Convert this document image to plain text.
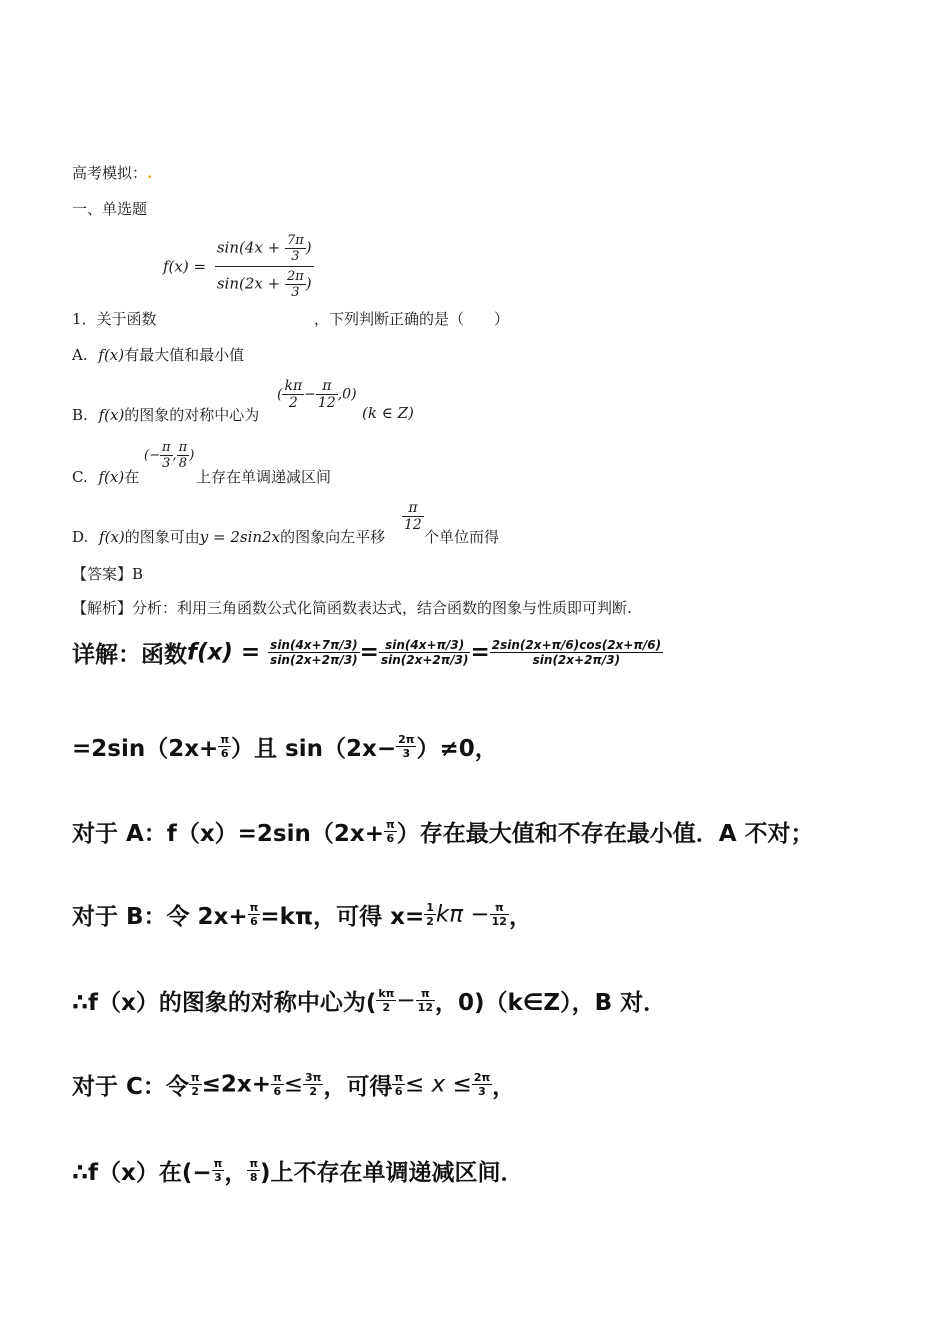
高考模拟：.
一、单选题
$f(x) = \frac{\sin(4x + \frac{7\pi}{3} )}{\sin(2x + \frac{2\pi}{3} )}$
1．关于函数	，下列判断正确的是（　　）
A. f(x)有最大值和最小值
B. f(x)的图象的对称中心为
( $\frac{k\pi}{2} - \frac{\pi}{12} ,0$)
(k ∈ Z)
C. f(x)在
(− $\frac{\pi}{3}$ , $\frac{\pi}{8}$ )
上存在单调递减区间
D. f(x)的图象可由y = 2sin2x的图象向左平移
$\frac{\pi}{12}$
个单位而得
【答案】B
【解析】分析：利用三角函数公式化简函数表达式，结合函数的图象与性质即可判断.
详解：函数$f(x) = \frac{\sin(4x+7\pi/3)}{\sin(2x+2\pi/3)} = \frac{\sin(4x+\pi/3)}{\sin(2x+2\pi/3)} = \frac{2\sin(2x+\pi/6)\cos(2x+\pi/6)}{\sin(2x+2\pi/3)}$
$=2\sin(2x+ \frac{\pi}{6}$ ）且 $\sin(2x- \frac{2\pi}{3} )\ne 0$，
对于 A：$f(x)=2\sin(2x+ \frac{\pi}{6}$ ）存在最大值和不存在最小值．A 不对；
对于 B：令 $2x+ \frac{\pi}{6} =k\pi$，可得 $x= \frac{1}{2}$ $k\pi - \frac{\pi}{12}$ ，
∴f（x）的图象的对称中心为( $\frac{k\pi}{2} - \frac{\pi}{12}$ ，0)（k∈Z），B 对．
对于 C：令 $\frac{\pi}{2} \le 2x+ \frac{\pi}{6} \le \frac{3\pi}{2}$ ，可得 $\frac{\pi}{6} \le x \le \frac{2\pi}{3}$ ，
∴f（x）在(− $\frac{\pi}{3}$ ， $\frac{\pi}{8}$ )上不存在单调递减区间．
